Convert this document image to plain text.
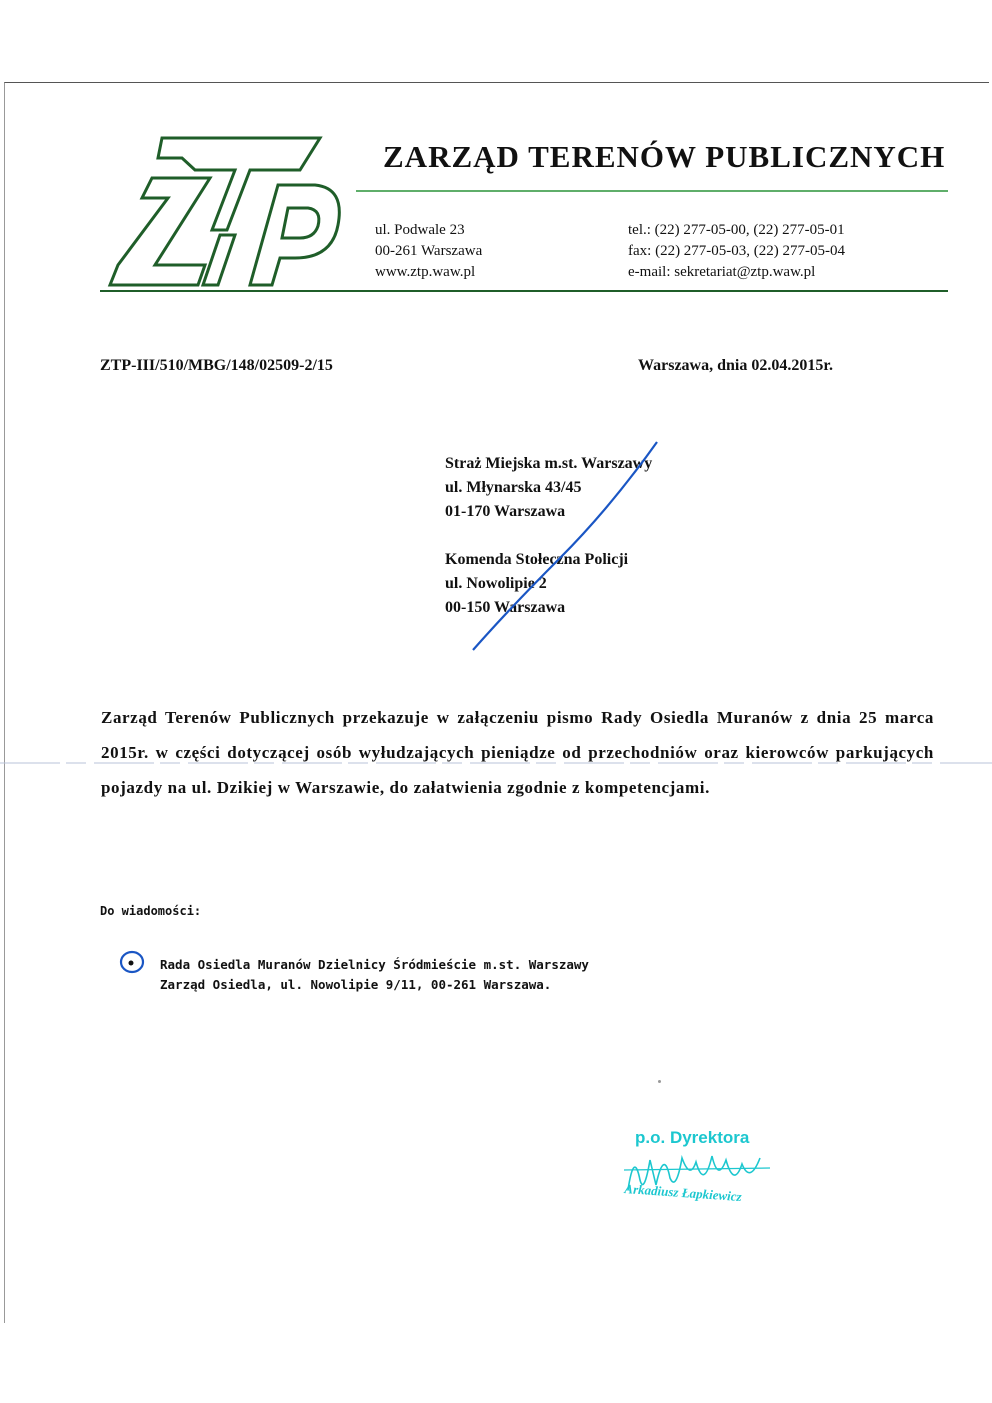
ZARZĄD TERENÓW PUBLICZNYCH
ul. Podwale 23
00-261 Warszawa
www.ztp.waw.pl
tel.: (22) 277-05-00, (22) 277-05-01
fax: (22) 277-05-03, (22) 277-05-04
e-mail: sekretariat@ztp.waw.pl
ZTP-III/510/MBG/148/02509-2/15	Warszawa, dnia 02.04.2015r.
Straż Miejska m.st. Warszawy
ul. Młynarska 43/45
01-170 Warszawa
Komenda Stołeczna Policji
ul. Nowolipie 2
00-150 Warszawa
Zarząd Terenów Publicznych przekazuje w załączeniu pismo Rady Osiedla Muranów z dnia 25 marca 2015r. w części dotyczącej osób wyłudzających pieniądze od przechodniów oraz kierowców parkujących pojazdy na ul. Dzikiej w Warszawie, do załatwienia zgodnie z kompetencjami.
Do wiadomości:
Rada Osiedla Muranów Dzielnicy Śródmieście m.st. Warszawy
Zarząd Osiedla, ul. Nowolipie 9/11, 00-261 Warszawa.
p.o. Dyrektora
Arkadiusz Łapkiewicz
